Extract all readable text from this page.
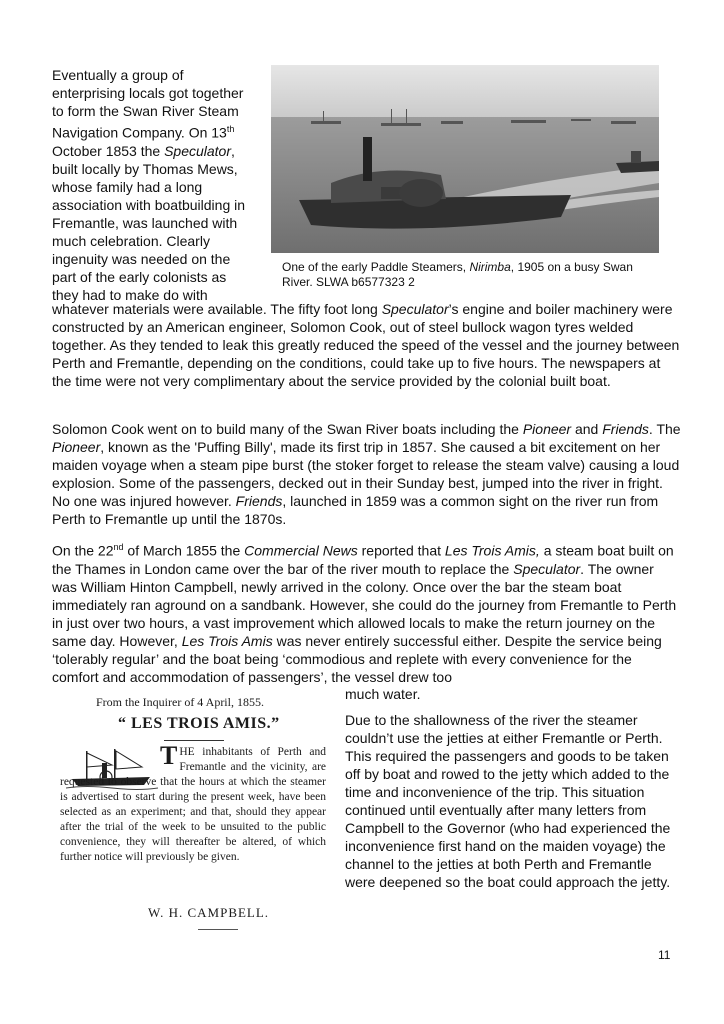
One of the early Paddle Steamers, Nirimba, 1905 on a busy Swan River. SLWA b6577323 2
Eventually a group of
enterprising locals got together
to form the Swan River Steam
Navigation Company. On 13th
October 1853 the Speculator,
built locally by Thomas Mews,
whose family had a long
association with boatbuilding in
Fremantle, was launched with
much celebration. Clearly
ingenuity was needed on the
part of the early colonists as
they had to make do with

whatever materials were available. The fifty foot long Speculator’s engine and boiler machinery were constructed by an American engineer, Solomon Cook, out of steel bullock wagon tyres welded together. As they tended to leak this greatly reduced the speed of the vessel and the journey between Perth and Fremantle, depending on the conditions, could take up to five hours. The newspapers at the time were not very complimentary about the service provided by the colonial built boat.

Solomon Cook went on to build many of the Swan River boats including the Pioneer and Friends. The Pioneer, known as the 'Puffing Billy', made its first trip in 1857. She caused a bit excitement on her maiden voyage when a steam pipe burst (the stoker forget to release the steam valve) causing a loud explosion. Some of the passengers, decked out in their Sunday best, jumped into the river in fright. No one was injured however. Friends, launched in 1859 was a common sight on the river run from Perth to Fremantle up until the 1870s.

On the 22nd of March 1855 the Commercial News reported that Les Trois Amis, a steam boat built on the Thames in London came over the bar of the river mouth to replace the Speculator. The owner was William Hinton Campbell, newly arrived in the colony. Once over the bar the steam boat immediately ran aground on a sandbank. However, she could do the journey from Fremantle to Perth in just over two hours, a vast improvement which allowed locals to make the return journey on the same day. However, Les Trois Amis was never entirely successful either. Despite the service being ‘tolerably regular’ and the boat being ‘commodious and replete with every convenience for the comfort and accommodation of passengers’, the vessel drew too

much water.
From the Inquirer of 4 April, 1855.
“ LES TROIS AMIS.”
THE inhabitants of Perth and Fremantle and the vicinity, are requested to observe that the hours at which the steamer is advertised to start during the present week, have been selected as an experiment; and that, should they appear after the trial of the week to be unsuited to the public convenience, they will thereafter be altered, of which further notice will previously be given.
W. H. CAMPBELL.

Due to the shallowness of the river the steamer couldn’t use the jetties at either Fremantle or Perth. This required the passengers and goods to be taken off by boat and rowed to the jetty which added to the time and inconvenience of the trip. This situation continued until eventually after many letters from Campbell to the Governor (who had experienced the inconvenience first hand on the maiden voyage) the channel to the jetties at both Perth and Fremantle were deepened so the boat could approach the jetty.

11
